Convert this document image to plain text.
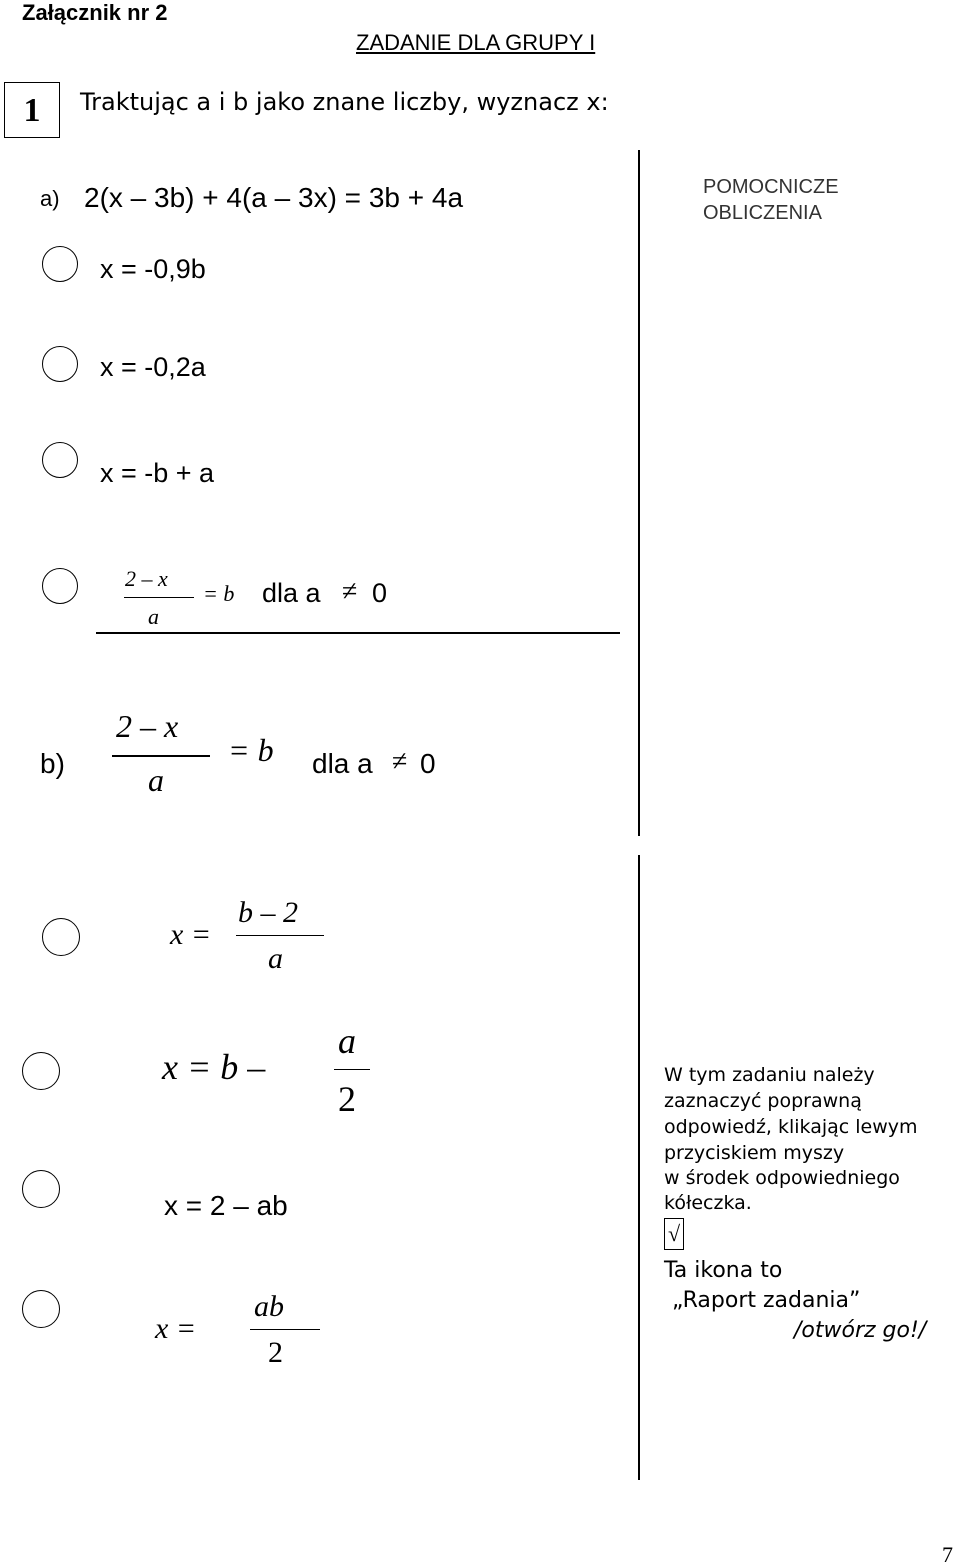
Załącznik nr 2
ZADANIE DLA GRUPY I
1	Traktując a i b jako znane liczby, wyznacz x:
POMOCNICZE
OBLICZENIA
a) 2(x – 3b) + 4(a – 3x) = 3b + 4a
x = -0,9b
x = -0,2a
x = -b + a
2 – x
a
= b dla a ≠ 0
b)
2 – x
a
= b dla a ≠ 0
x =
b – 2
a
x = b –
a
2
x = 2 – ab
x =
ab
2
W tym zadaniu należy
zaznaczyć poprawną
odpowiedź, klikając lewym
przyciskiem myszy
w środek odpowiedniego
kółeczka.
√
Ta ikona to
„Raport zadania”
/otwórz go!/
7
